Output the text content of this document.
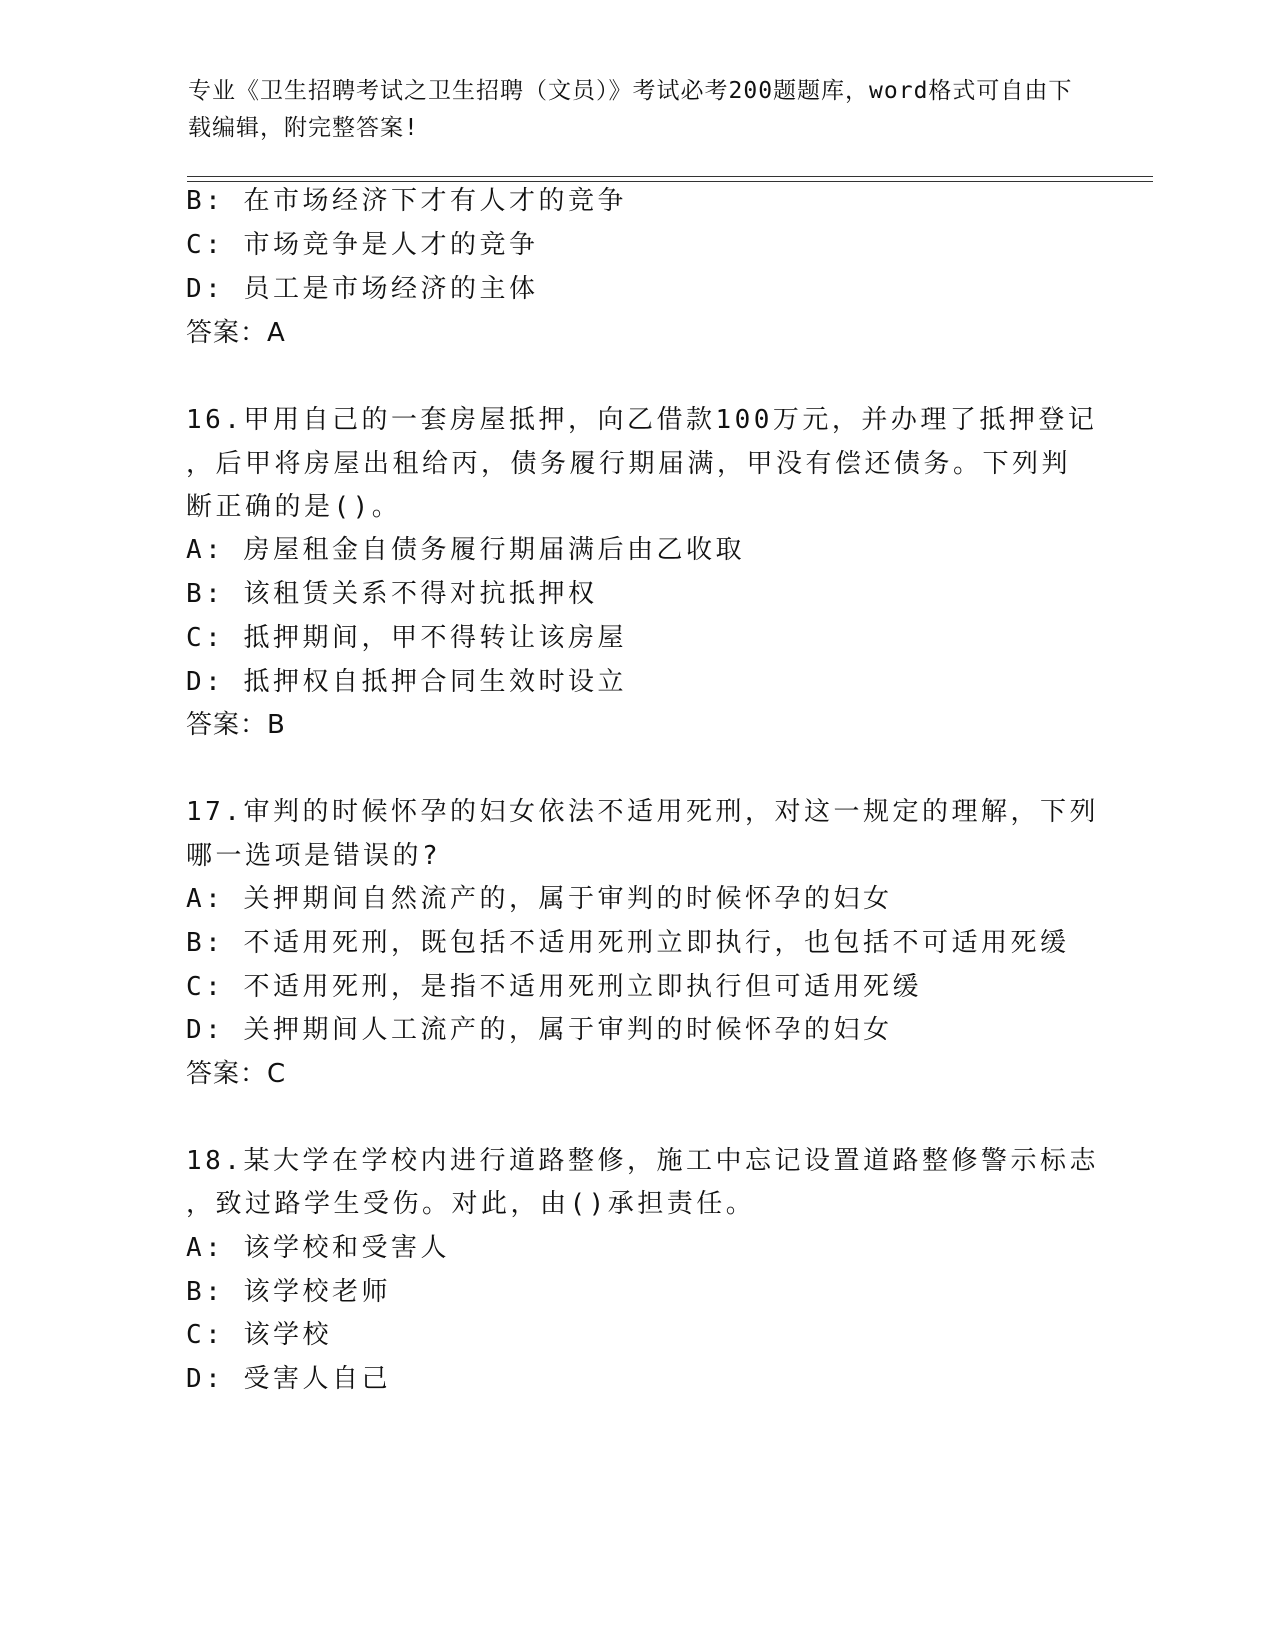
专业《卫生招聘考试之卫生招聘（文员）》考试必考200题题库，word格式可自由下载编辑，附完整答案!
B: 在市场经济下才有人才的竞争
C: 市场竞争是人才的竞争
D: 员工是市场经济的主体
答案：A
16.甲用自己的一套房屋抵押，向乙借款100万元，并办理了抵押登记
，后甲将房屋出租给丙，债务履行期届满，甲没有偿还债务。下列判
断正确的是()。
A: 房屋租金自债务履行期届满后由乙收取
B: 该租赁关系不得对抗抵押权
C: 抵押期间，甲不得转让该房屋
D: 抵押权自抵押合同生效时设立
答案：B
17.审判的时候怀孕的妇女依法不适用死刑，对这一规定的理解，下列
哪一选项是错误的?
A: 关押期间自然流产的，属于审判的时候怀孕的妇女
B: 不适用死刑，既包括不适用死刑立即执行，也包括不可适用死缓
C: 不适用死刑，是指不适用死刑立即执行但可适用死缓
D: 关押期间人工流产的，属于审判的时候怀孕的妇女
答案：C
18.某大学在学校内进行道路整修，施工中忘记设置道路整修警示标志
，致过路学生受伤。对此，由()承担责任。
A: 该学校和受害人
B: 该学校老师
C: 该学校
D: 受害人自己
